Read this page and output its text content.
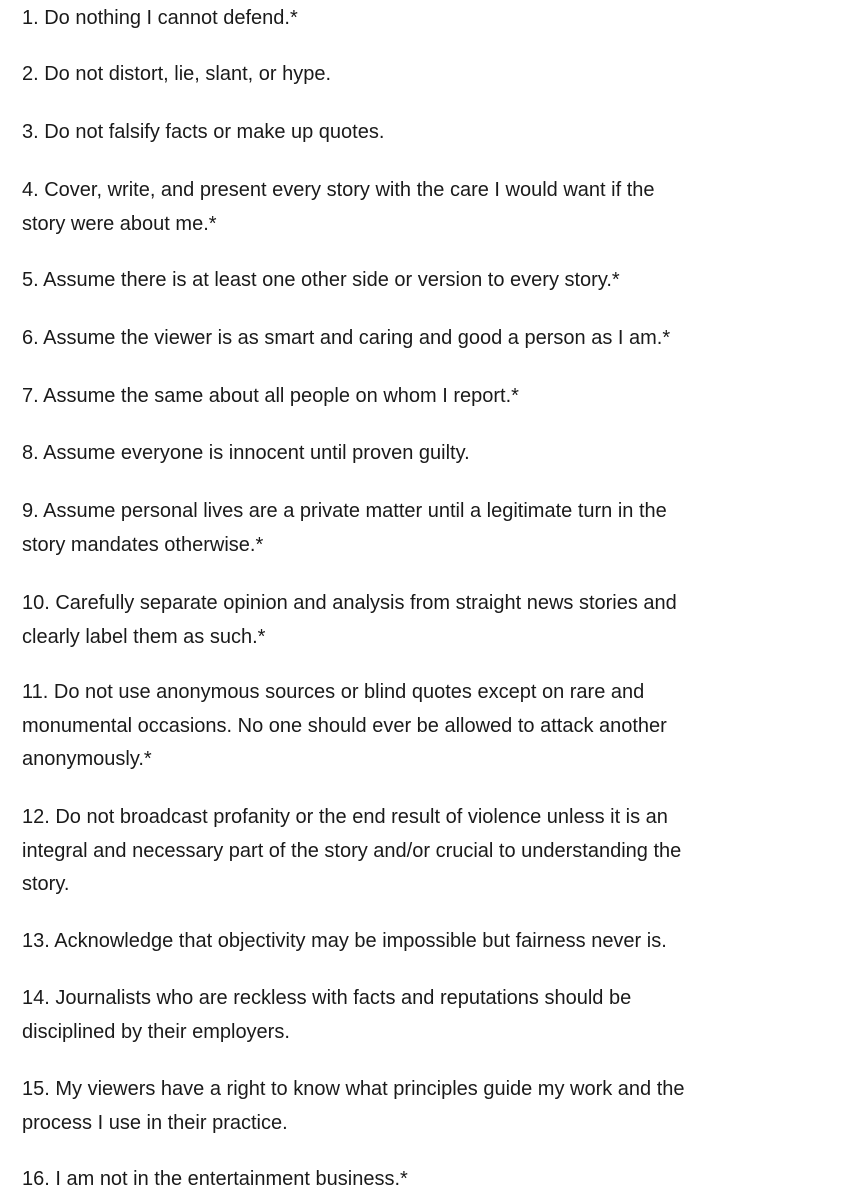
1. Do nothing I cannot defend.*

2. Do not distort, lie, slant, or hype.

3. Do not falsify facts or make up quotes.

4. Cover, write, and present every story with the care I would want if the
story were about me.*

5. Assume there is at least one other side or version to every story.*

6. Assume the viewer is as smart and caring and good a person as I am.*

7. Assume the same about all people on whom I report.*

8. Assume everyone is innocent until proven guilty.

9. Assume personal lives are a private matter until a legitimate turn in the
story mandates otherwise.*

10. Carefully separate opinion and analysis from straight news stories and
clearly label them as such.*

11. Do not use anonymous sources or blind quotes except on rare and
monumental occasions. No one should ever be allowed to attack another
anonymously.*

12. Do not broadcast profanity or the end result of violence unless it is an
integral and necessary part of the story and/or crucial to understanding the
story.

13. Acknowledge that objectivity may be impossible but fairness never is.

14. Journalists who are reckless with facts and reputations should be
disciplined by their employers.

15. My viewers have a right to know what principles guide my work and the
process I use in their practice.

16. I am not in the entertainment business.*
